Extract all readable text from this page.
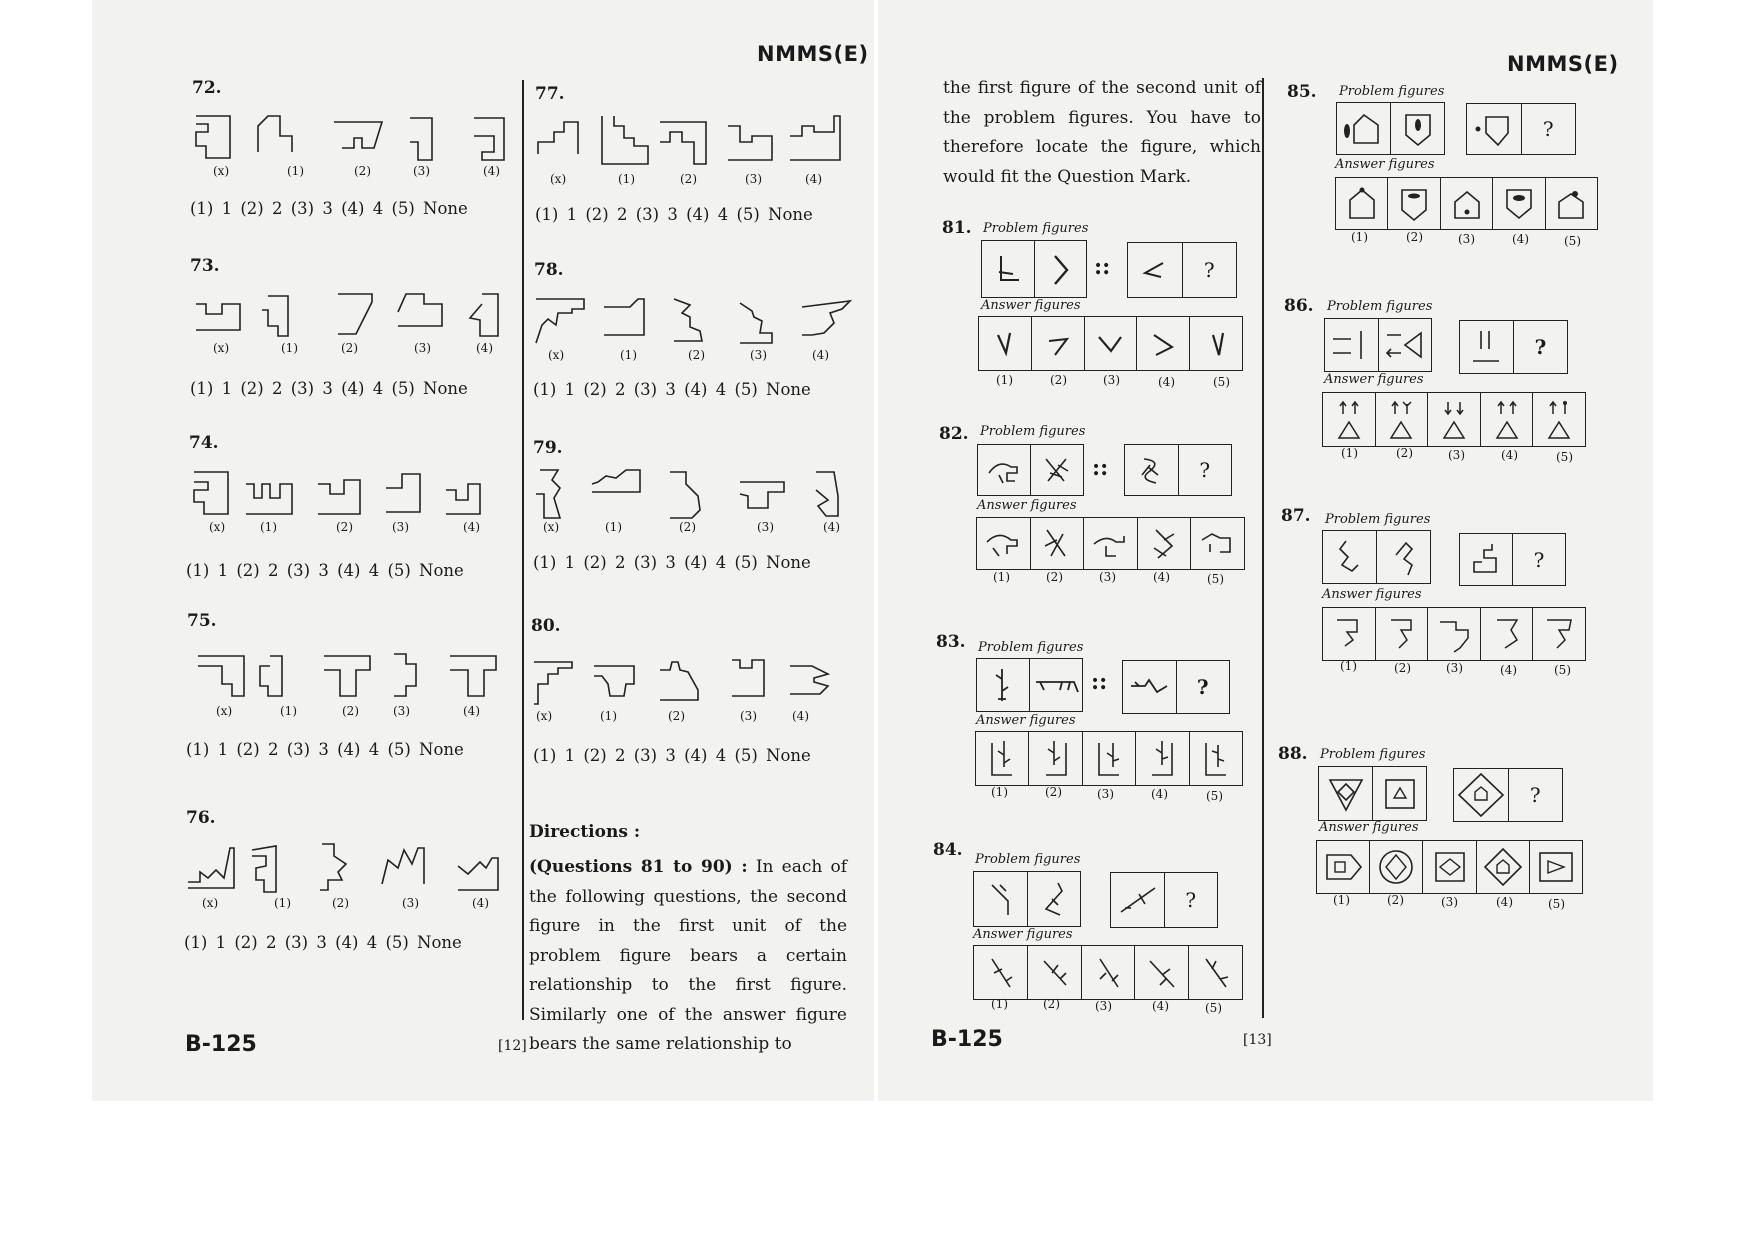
NMMS(E)	NMMS(E)
B-125	[12]	B-125	[13]
72.
(x)	(1)	(2)	(3)	(4)
(1) 1 (2) 2 (3) 3 (4) 4 (5) None
73.
(x)	(1)	(2)	(3)	(4)
(1) 1 (2) 2 (3) 3 (4) 4 (5) None
74.
(x)	(1)	(2)	(3)	(4)
(1) 1 (2) 2 (3) 3 (4) 4 (5) None
75.
(x)	(1)	(2)	(3)	(4)
(1) 1 (2) 2 (3) 3 (4) 4 (5) None
76.
(x)	(1)	(2)	(3)	(4)
(1) 1 (2) 2 (3) 3 (4) 4 (5) None
77.
(x)	(1)	(2)	(3)	(4)
(1) 1 (2) 2 (3) 3 (4) 4 (5) None
78.
(x)	(1)	(2)	(3)	(4)
(1) 1 (2) 2 (3) 3 (4) 4 (5) None
79.
(x)	(1)	(2)	(3)	(4)
(1) 1 (2) 2 (3) 3 (4) 4 (5) None
80.
(x)	(1)	(2)	(3)	(4)
(1) 1 (2) 2 (3) 3 (4) 4 (5) None
Directions :
(Questions 81 to 90) : In each of the following questions, the second figure in the first unit of the problem figure bears a certain relationship to the first figure. Similarly one of the answer figure bears the same relationship to
the first figure of the second unit of the problem figures. You have to therefore locate the figure, which would fit the Question Mark.
81. Problem figures
::	?
Answer figures
(1)	(2)	(3)	(4)	(5)
82. Problem figures
::	?
Answer figures
(1)	(2)	(3)	(4)	(5)
83. Problem figures
::	?
Answer figures
(1)	(2)	(3)	(4)	(5)
84. Problem figures
?
Answer figures
(1)	(2)	(3)	(4)	(5)
85. Problem figures
?
Answer figures
(1)	(2)	(3)	(4)	(5)
86. Problem figures
?
Answer figures
(1)	(2)	(3)	(4)	(5)
87. Problem figures
?
Answer figures
(1)	(2)	(3)	(4)	(5)
88. Problem figures
?
Answer figures
(1)	(2)	(3)	(4)	(5)
